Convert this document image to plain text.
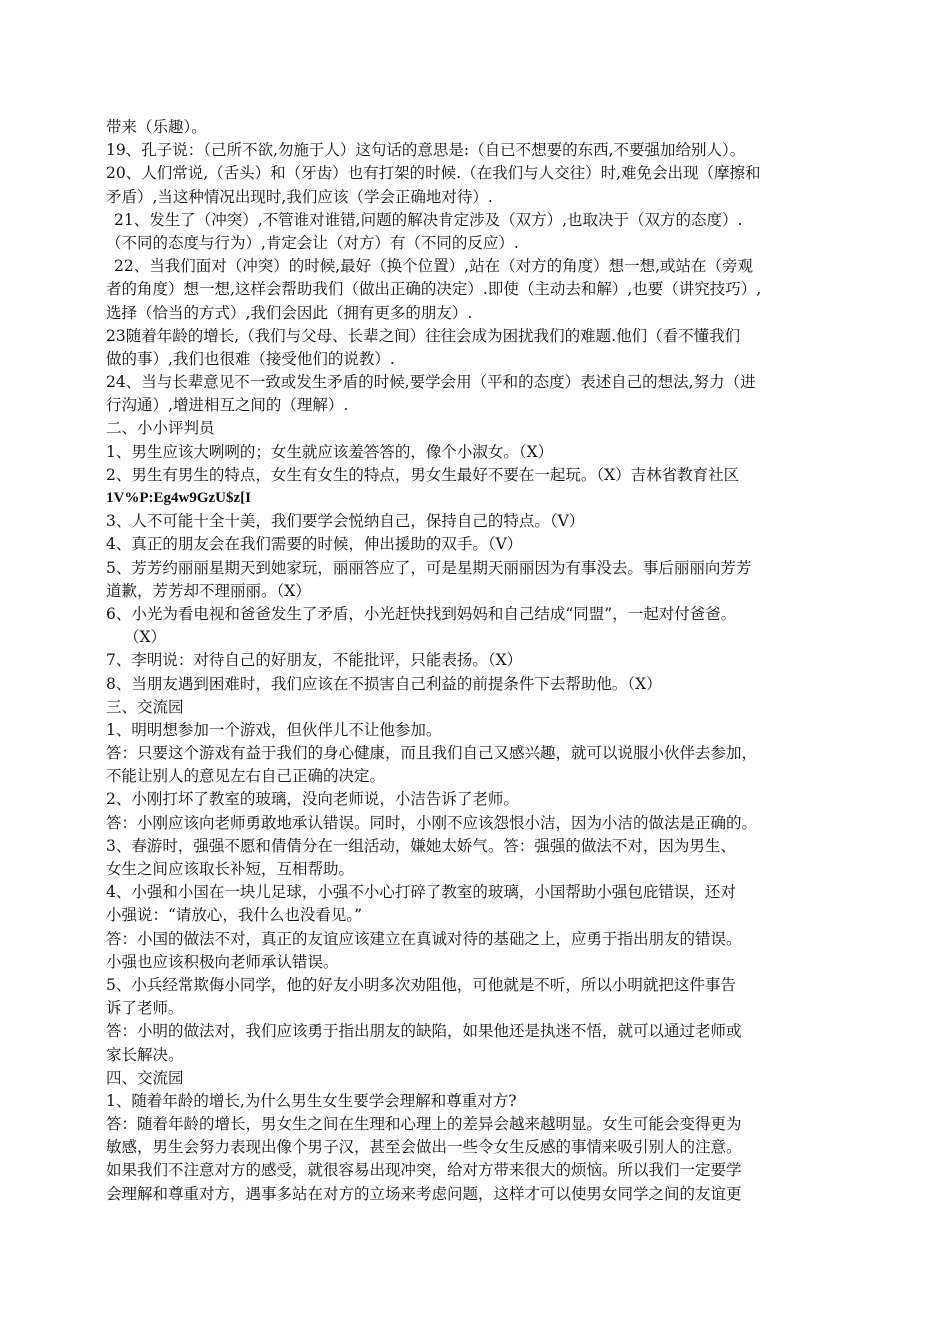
带来（乐趣）。
19、孔子说：（己所不欲,勿施于人）这句话的意思是:（自已不想要的东西,不要强加给别人）。
20、人们常说,（舌头）和（牙齿）也有打架的时候.（在我们与人交往）时,难免会出现（摩擦和
矛盾）,当这种情况出现时,我们应该（学会正确地对待）.
21、发生了（冲突）,不管谁对谁错,问题的解决肯定涉及（双方）,也取决于（双方的态度）.
（不同的态度与行为）,肯定会让（对方）有（不同的反应）.
22、当我们面对（冲突）的时候,最好（换个位置）,站在（对方的角度）想一想,或站在（旁观
者的角度）想一想,这样会帮助我们（做出正确的决定）.即使（主动去和解）,也要（讲究技巧）,
选择（恰当的方式）,我们会因此（拥有更多的朋友）.
23随着年龄的增长,（我们与父母、长辈之间）往往会成为困扰我们的难题.他们（看不懂我们
做的事）,我们也很难（接受他们的说教）.
24、当与长辈意见不一致或发生矛盾的时候,要学会用（平和的态度）表述自己的想法,努力（进
行沟通）,增进相互之间的（理解）.
二、小小评判员
1、男生应该大咧咧的；女生就应该羞答答的，像个小淑女。（X）
2、男生有男生的特点，女生有女生的特点，男女生最好不要在一起玩。（X）吉林省教育社区
1V%P:Eg4w9GzU$z[I
3、人不可能十全十美，我们要学会悦纳自己，保持自己的特点。（V）
4、真正的朋友会在我们需要的时候，伸出援助的双手。（V）
5、芳芳约丽丽星期天到她家玩，丽丽答应了，可是星期天丽丽因为有事没去。事后丽丽向芳芳
道歉，芳芳却不理丽丽。（X）
6、小光为看电视和爸爸发生了矛盾，小光赶快找到妈妈和自己结成“同盟”，一起对付爸爸。
（X）
7、李明说：对待自己的好朋友，不能批评，只能表扬。（X）
8、当朋友遇到困难时，我们应该在不损害自己利益的前提条件下去帮助他。（X）
三、交流园
1、明明想参加一个游戏，但伙伴儿不让他参加。
答：只要这个游戏有益于我们的身心健康，而且我们自己又感兴趣，就可以说服小伙伴去参加，
不能让别人的意见左右自己正确的决定。
2、小刚打坏了教室的玻璃，没向老师说，小洁告诉了老师。
答：小刚应该向老师勇敢地承认错误。同时，小刚不应该怨恨小洁，因为小洁的做法是正确的。
3、春游时，强强不愿和倩倩分在一组活动，嫌她太娇气。答：强强的做法不对，因为男生、
女生之间应该取长补短，互相帮助。
4、小强和小国在一块儿足球，小强不小心打碎了教室的玻璃，小国帮助小强包庇错误，还对
小强说：“请放心，我什么也没看见。”
答：小国的做法不对，真正的友谊应该建立在真诚对待的基础之上，应勇于指出朋友的错误。
小强也应该积极向老师承认错误。
5、小兵经常欺侮小同学，他的好友小明多次劝阻他，可他就是不听，所以小明就把这件事告
诉了老师。
答：小明的做法对，我们应该勇于指出朋友的缺陷，如果他还是执迷不悟，就可以通过老师或
家长解决。
四、交流园
1、随着年龄的增长,为什么男生女生要学会理解和尊重对方?
答：随着年龄的增长，男女生之间在生理和心理上的差异会越来越明显。女生可能会变得更为
敏感，男生会努力表现出像个男子汉，甚至会做出一些令女生反感的事情来吸引别人的注意。
如果我们不注意对方的感受，就很容易出现冲突，给对方带来很大的烦恼。所以我们一定要学
会理解和尊重对方，遇事多站在对方的立场来考虑问题，这样才可以使男女同学之间的友谊更
